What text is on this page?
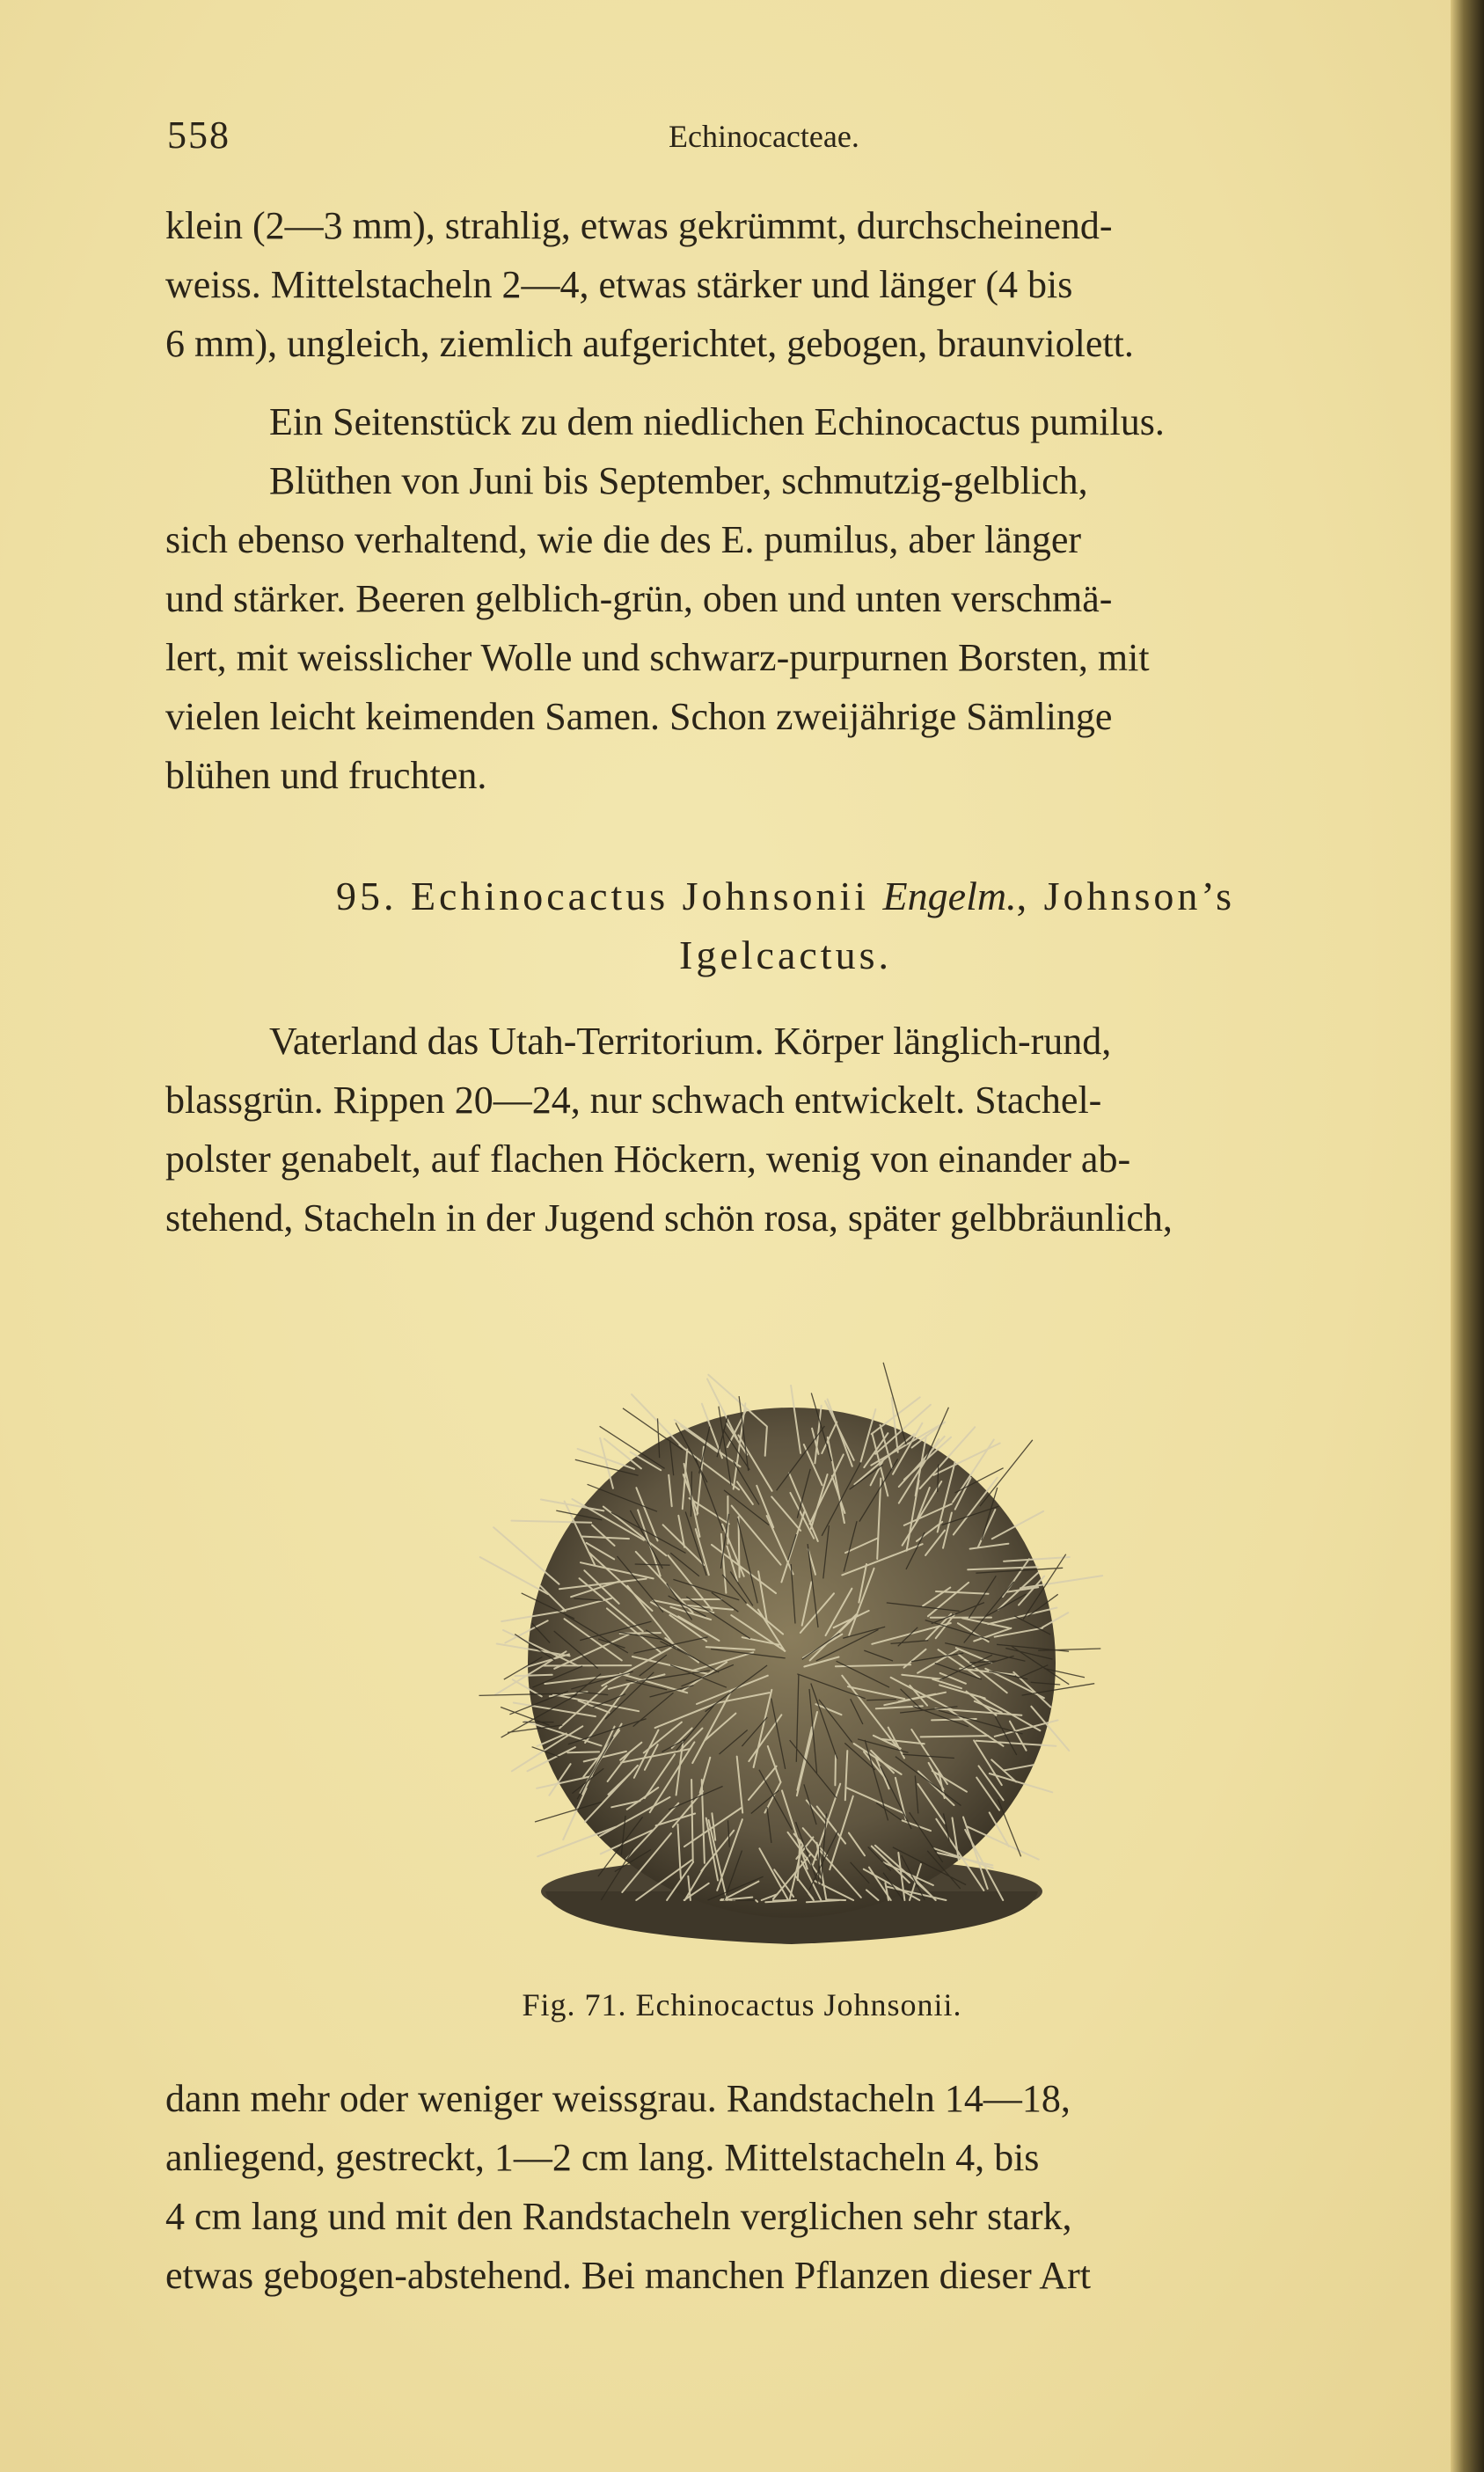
558	Echinocacteae.

klein (2—3 mm), strahlig, etwas gekrümmt, durchscheinend-
weiss. Mittelstacheln 2—4, etwas stärker und länger (4 bis
6 mm), ungleich, ziemlich aufgerichtet, gebogen, braunviolett.

Ein Seitenstück zu dem niedlichen Echinocactus pumilus.

Blüthen von Juni bis September, schmutzig-gelblich,
sich ebenso verhaltend, wie die des E. pumilus, aber länger
und stärker. Beeren gelblich-grün, oben und unten verschmä-
lert, mit weisslicher Wolle und schwarz-purpurnen Borsten, mit
vielen leicht keimenden Samen. Schon zweijährige Sämlinge
blühen und fruchten.

95. Echinocactus Johnsonii Engelm., Johnson’s
Igelcactus.

Vaterland das Utah-Territorium. Körper länglich-rund,
blassgrün. Rippen 20—24, nur schwach entwickelt. Stachel-
polster genabelt, auf flachen Höckern, wenig von einander ab-
stehend, Stacheln in der Jugend schön rosa, später gelbbräunlich,

Fig. 71. Echinocactus Johnsonii.

dann mehr oder weniger weissgrau. Randstacheln 14—18,
anliegend, gestreckt, 1—2 cm lang. Mittelstacheln 4, bis
4 cm lang und mit den Randstacheln verglichen sehr stark,
etwas gebogen-abstehend. Bei manchen Pflanzen dieser Art
